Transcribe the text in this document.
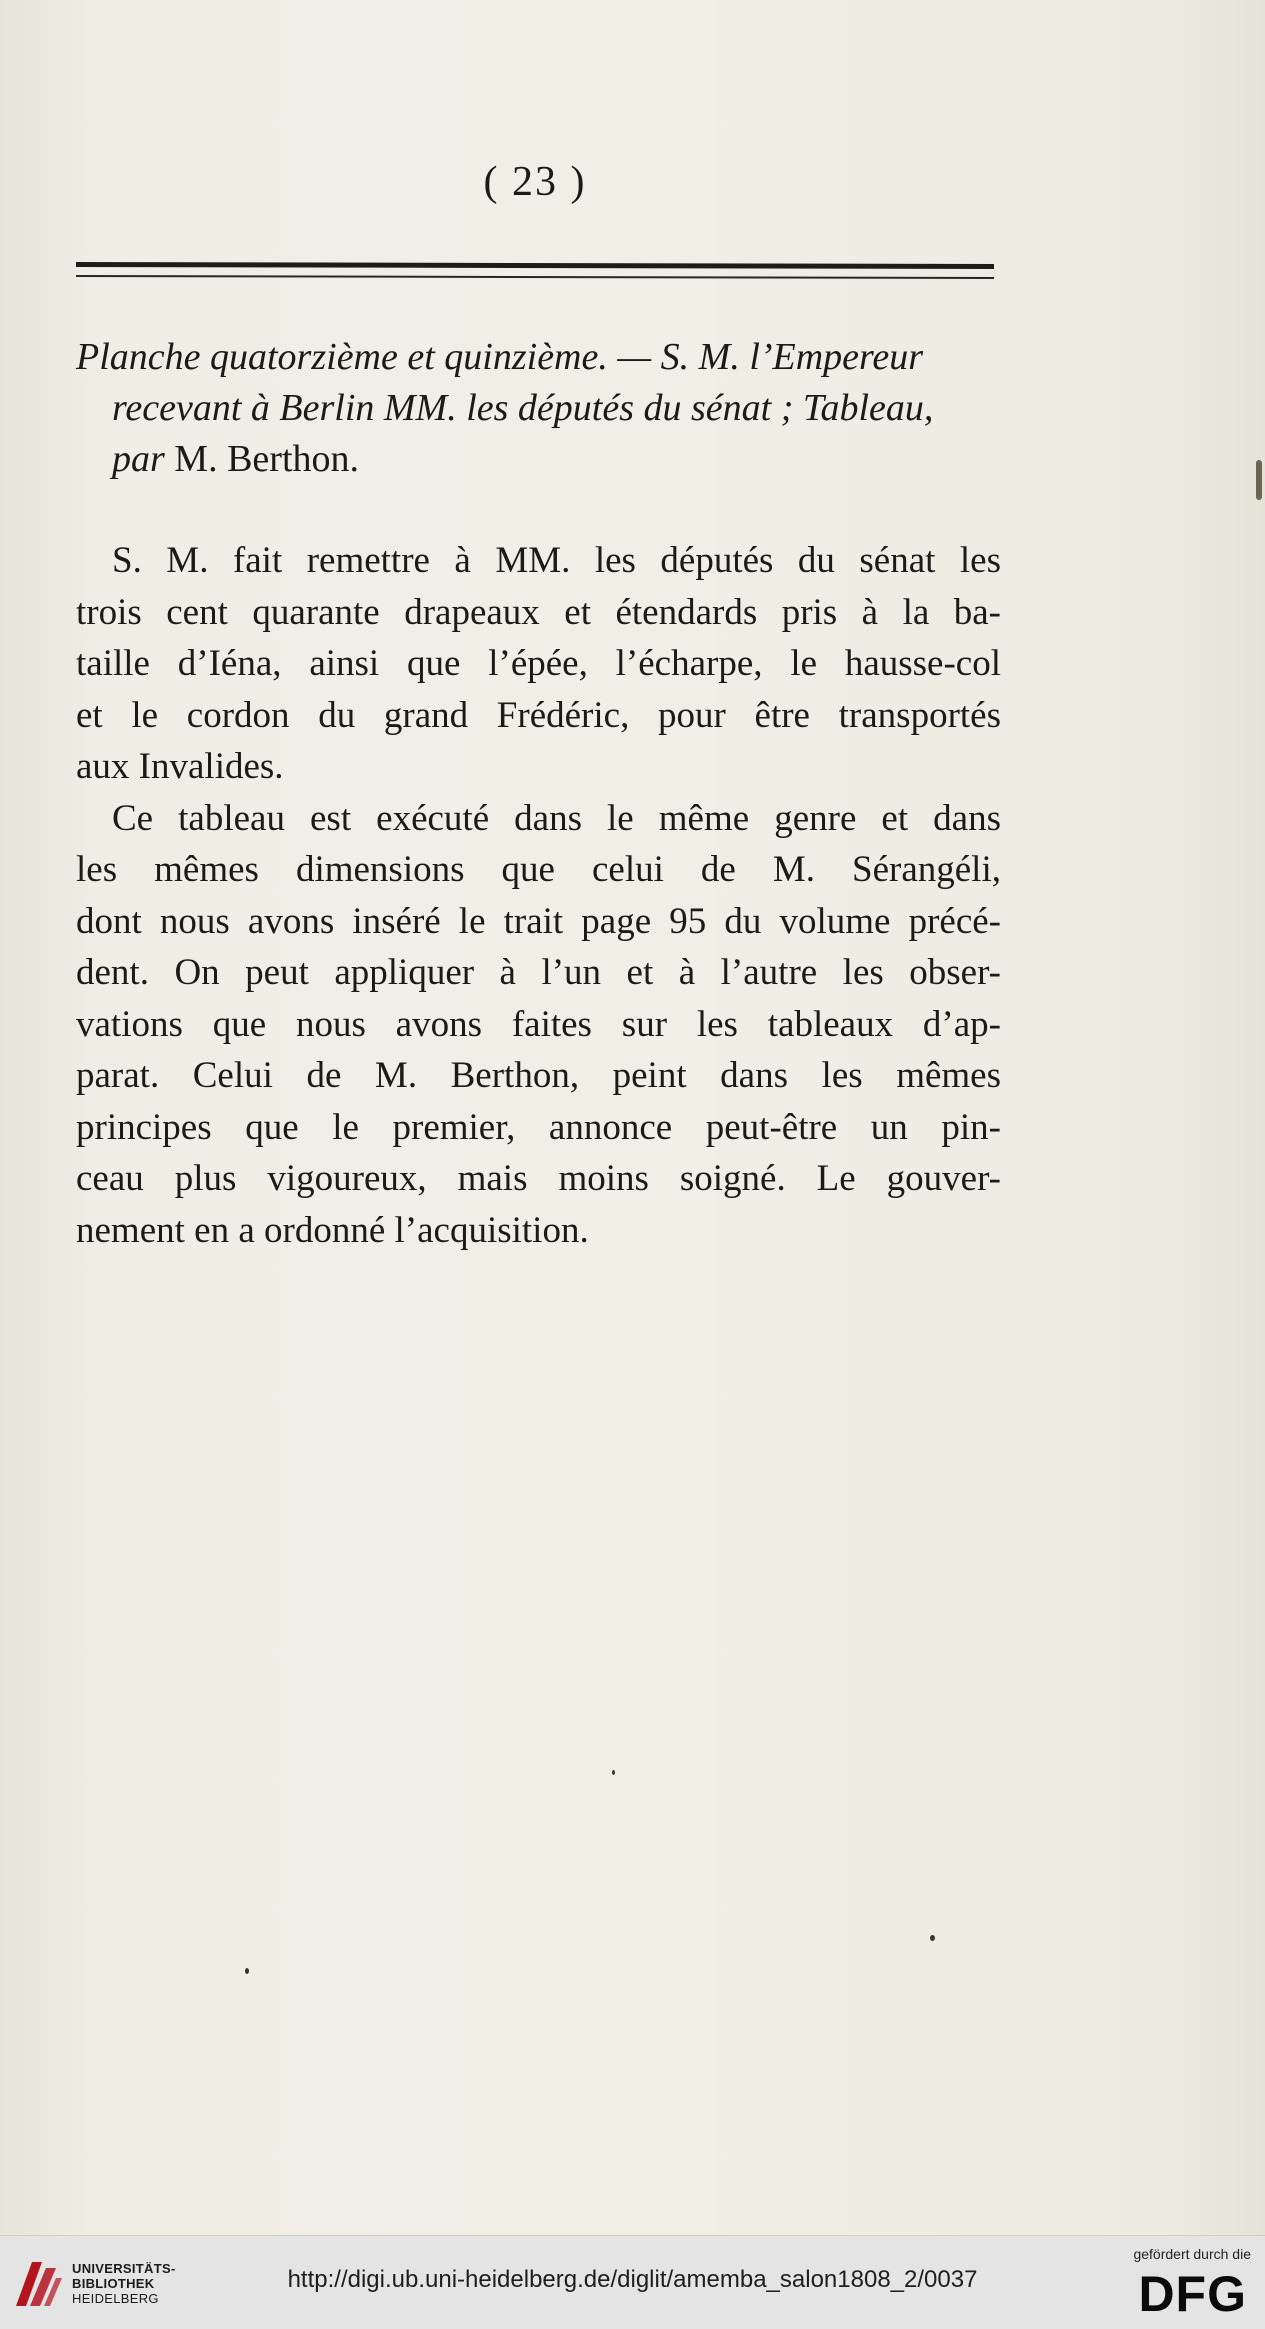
( 23 )
Planche quatorzième et quinzième. — S. M. l’Empereur
recevant à Berlin MM. les députés du sénat ; Tableau,
par M. Berthon.
S. M. fait remettre à MM. les députés du sénat les
trois cent quarante drapeaux et étendards pris à la ba-
taille d’Iéna, ainsi que l’épée, l’écharpe, le hausse-col
et le cordon du grand Frédéric, pour être transportés
aux Invalides.
Ce tableau est exécuté dans le même genre et dans
les mêmes dimensions que celui de M. Sérangéli,
dont nous avons inséré le trait page 95 du volume précé-
dent. On peut appliquer à l’un et à l’autre les obser-
vations que nous avons faites sur les tableaux d’ap-
parat. Celui de M. Berthon, peint dans les mêmes
principes que le premier, annonce peut-être un pin-
ceau plus vigoureux, mais moins soigné. Le gouver-
nement en a ordonné l’acquisition.
UNIVERSITÄTS-
BIBLIOTHEK
HEIDELBERG
http://digi.ub.uni-heidelberg.de/diglit/amemba_salon1808_2/0037
gefördert durch die
DFG
